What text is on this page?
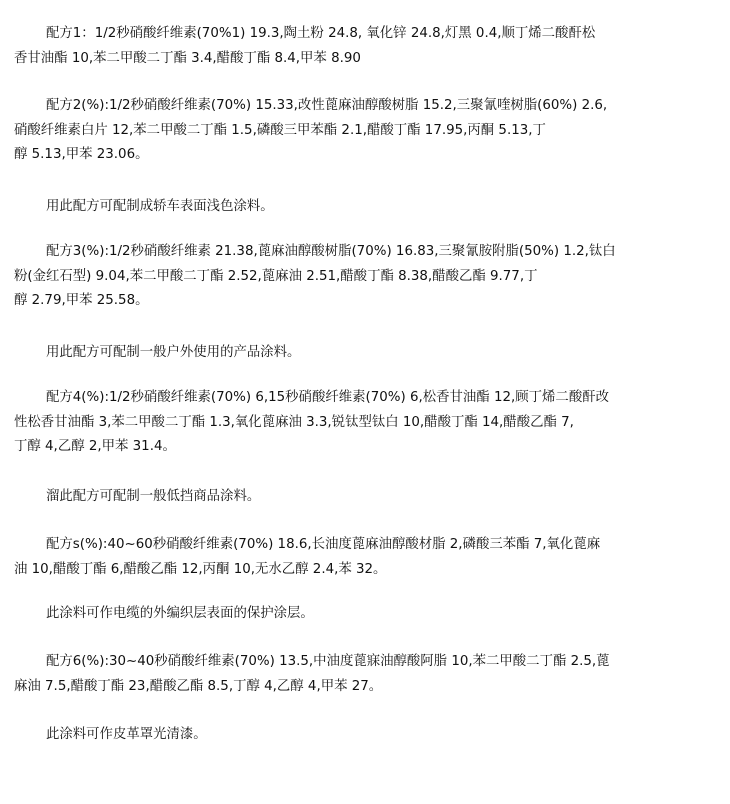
配方1：1/2秒硝酸纤维素(70%1) 19.3,陶土粉 24.8, 氧化锌 24.8,灯黑 0.4,顺丁烯二酸酐松
香甘油酯 10,苯二甲酸二丁酯 3.4,醋酸丁酯 8.4,甲苯 8.90

配方2(%):1/2秒硝酸纤维素(70%) 15.33,改性蓖麻油醇酸树脂 15.2,三聚氰喹树脂(60%) 2.6,
硝酸纤维素白片 12,苯二甲酸二丁酯 1.5,磷酸三甲苯酯 2.1,醋酸丁酯 17.95,丙酮 5.13,丁
醇 5.13,甲苯 23.06。

用此配方可配制成轿车表面浅色涂料。

配方3(%):1/2秒硝酸纤维素 21.38,蓖麻油醇酸树脂(70%) 16.83,三聚氰胺附脂(50%) 1.2,钛白
粉(金红石型) 9.04,苯二甲酸二丁酯 2.52,蓖麻油 2.51,醋酸丁酯 8.38,醋酸乙酯 9.77,丁
醇 2.79,甲苯 25.58。

用此配方可配制一般户外使用的产品涂料。

配方4(%):1/2秒硝酸纤维素(70%) 6,15秒硝酸纤维素(70%) 6,松香甘油酯 12,顾丁烯二酸酐改
性松香甘油酯 3,苯二甲酸二丁酯 1.3,氧化蓖麻油 3.3,锐钛型钛白 10,醋酸丁酯 14,醋酸乙酯 7,
丁醇 4,乙醇 2,甲苯 31.4。

溜此配方可配制一般低挡商品涂料。

配方s(%):40~60秒硝酸纤维素(70%) 18.6,长油度蓖麻油醇酸材脂 2,磷酸三苯酯 7,氧化蓖麻
油 10,醋酸丁酯 6,醋酸乙酯 12,丙酮 10,无水乙醇 2.4,苯 32。

此涂料可作电缆的外编织层表面的保护涂层。

配方6(%):30~40秒硝酸纤维素(70%) 13.5,中油度蓖寐油醇酸阿脂 10,苯二甲酸二丁酯 2.5,蓖
麻油 7.5,醋酸丁酯 23,醋酸乙酯 8.5,丁醇 4,乙醇 4,甲苯 27。

此涂料可作皮革罩光清漆。
